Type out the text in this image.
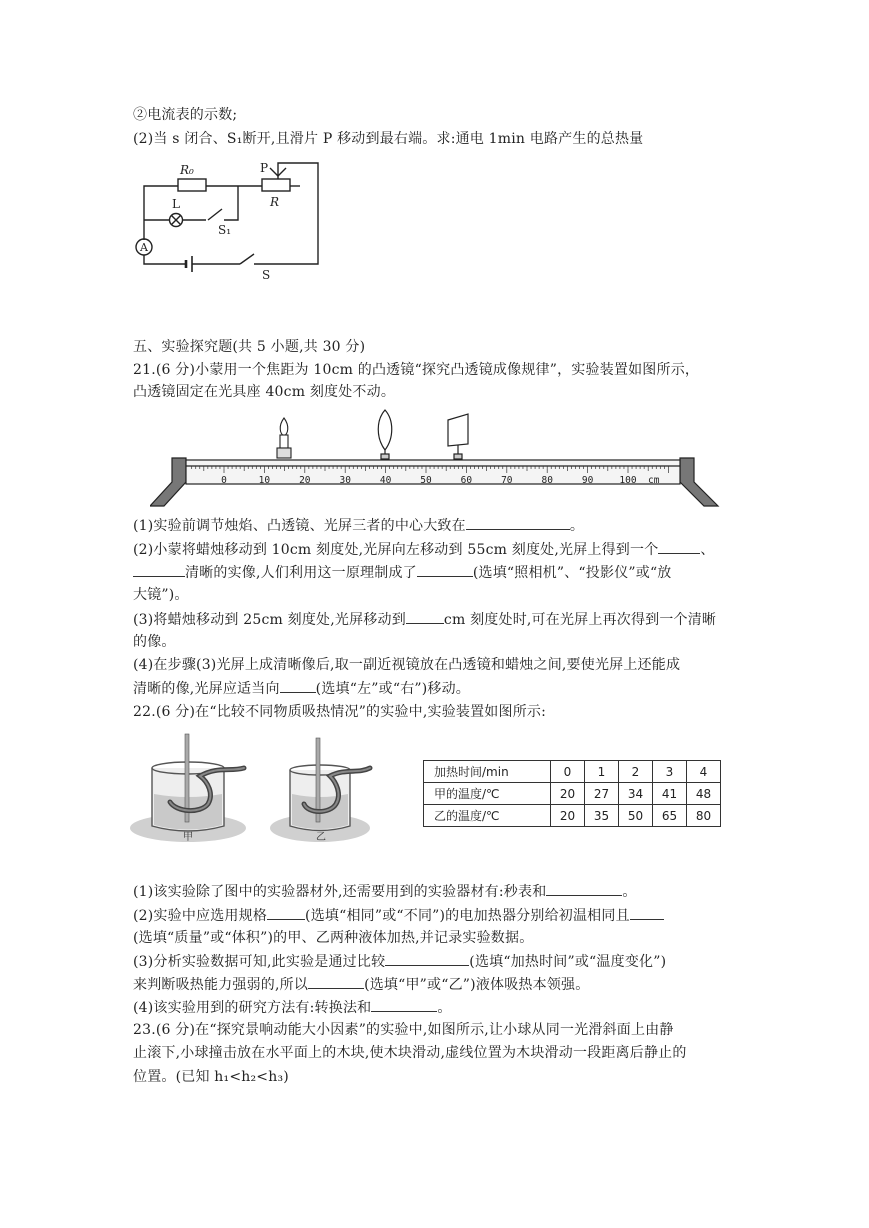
②电流表的示数;
(2)当 s 闭合、S₁断开,且滑片 P 移动到最右端。求:通电 1min 电路产生的总热量
R₀	P
R
L
S₁
A
S
五、实验探究题(共 5 小题,共 30 分)
21.(6 分)小蒙用一个焦距为 10cm 的凸透镜“探究凸透镜成像规律”，实验装置如图所示，
凸透镜固定在光具座 40cm 刻度处不动。
0	10	20	30	40	50	60	70	80	90	100 cm
(1)实验前调节烛焰、凸透镜、光屏三者的中心大致在	。
(2)小蒙将蜡烛移动到 10cm 刻度处,光屏向左移动到 55cm 刻度处,光屏上得到一个	、
清晰的实像,人们利用这一原理制成了	(选填“照相机”、“投影仪”或“放
大镜”)。
(3)将蜡烛移动到 25cm 刻度处,光屏移动到	cm 刻度处时,可在光屏上再次得到一个清晰
的像。
(4)在步骤(3)光屏上成清晰像后,取一副近视镜放在凸透镜和蜡烛之间,要使光屏上还能成
清晰的像,光屏应适当向	(选填“左”或“右”)移动。
22.(6 分)在“比较不同物质吸热情况”的实验中,实验装置如图所示:
甲	乙
加热时间/min	0	1	2	3	4
甲的温度/℃	20	27	34	41	48
乙的温度/℃	20	35	50	65	80
(1)该实验除了图中的实验器材外,还需要用到的实验器材有:秒表和	。
(2)实验中应选用规格	(选填“相同”或“不同”)的电加热器分别给初温相同且
(选填“质量”或“体积”)的甲、乙两种液体加热,并记录实验数据。
(3)分析实验数据可知,此实验是通过比较	(选填“加热时间”或“温度变化”)
来判断吸热能力强弱的,所以	(选填“甲”或“乙”)液体吸热本领强。
(4)该实验用到的研究方法有:转换法和	。
23.(6 分)在“探究景响动能大小因素”的实验中,如图所示,让小球从同一光滑斜面上由静
止滚下,小球撞击放在水平面上的木块,使木块滑动,虚线位置为木块滑动一段距离后静止的
位置。(已知 h₁<h₂<h₃)
